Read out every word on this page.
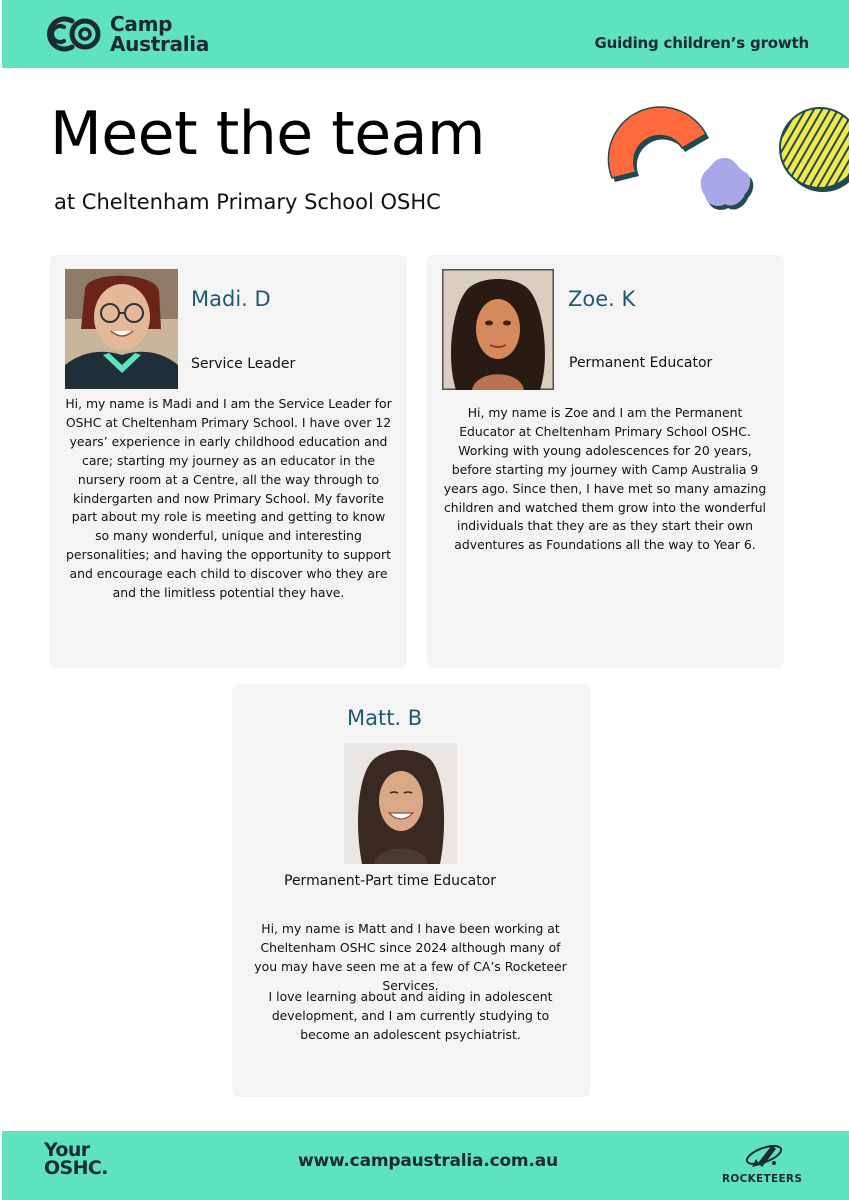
Camp
Australia	Guiding children’s growth
Meet the team
at Cheltenham Primary School OSHC
Madi. D
Service Leader
Hi, my name is Madi and I am the Service Leader for OSHC at Cheltenham Primary School. I have over 12 years’ experience in early childhood education and care; starting my journey as an educator in the nursery room at a Centre, all the way through to kindergarten and now Primary School. My favorite part about my role is meeting and getting to know so many wonderful, unique and interesting personalities; and having the opportunity to support and encourage each child to discover who they are and the limitless potential they have.
Zoe. K
Permanent Educator
Hi, my name is Zoe and I am the Permanent Educator at Cheltenham Primary School OSHC. Working with young adolescences for 20 years, before starting my journey with Camp Australia 9 years ago. Since then, I have met so many amazing children and watched them grow into the wonderful individuals that they are as they start their own adventures as Foundations all the way to Year 6.
Matt. B
Permanent-Part time Educator
Hi, my name is Matt and I have been working at Cheltenham OSHC since 2024 although many of you may have seen me at a few of CA’s Rocketeer Services.
I love learning about and aiding in adolescent development, and I am currently studying to become an adolescent psychiatrist.
Your
OSHC.	www.campaustralia.com.au
ROCKETEERS
